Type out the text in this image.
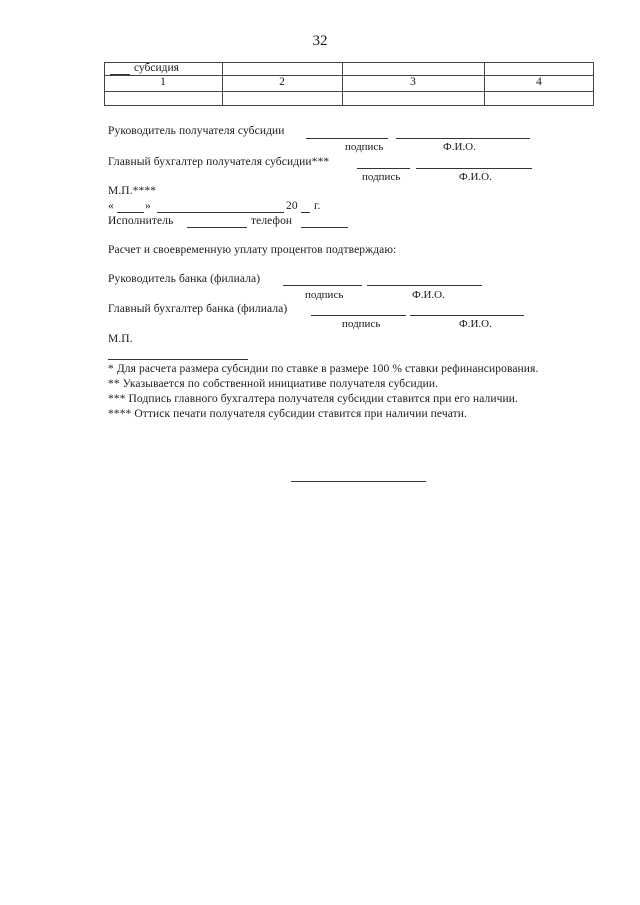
32
субсидия
1	2	3	4
Руководитель получателя субсидии
подпись	Ф.И.О.
Главный бухгалтер получателя субсидии***
подпись	Ф.И.О.
М.П.****
«	»	20 г.
Исполнитель	телефон
Расчет и своевременную уплату процентов подтверждаю:
Руководитель банка (филиала)
подпись	Ф.И.О.
Главный бухгалтер банка (филиала)
подпись	Ф.И.О.
М.П.
* Для расчета размера субсидии по ставке в размере 100 % ставки рефинансирования.
** Указывается по собственной инициативе получателя субсидии.
*** Подпись главного бухгалтера получателя субсидии ставится при его наличии.
**** Оттиск печати получателя субсидии ставится при наличии печати.
